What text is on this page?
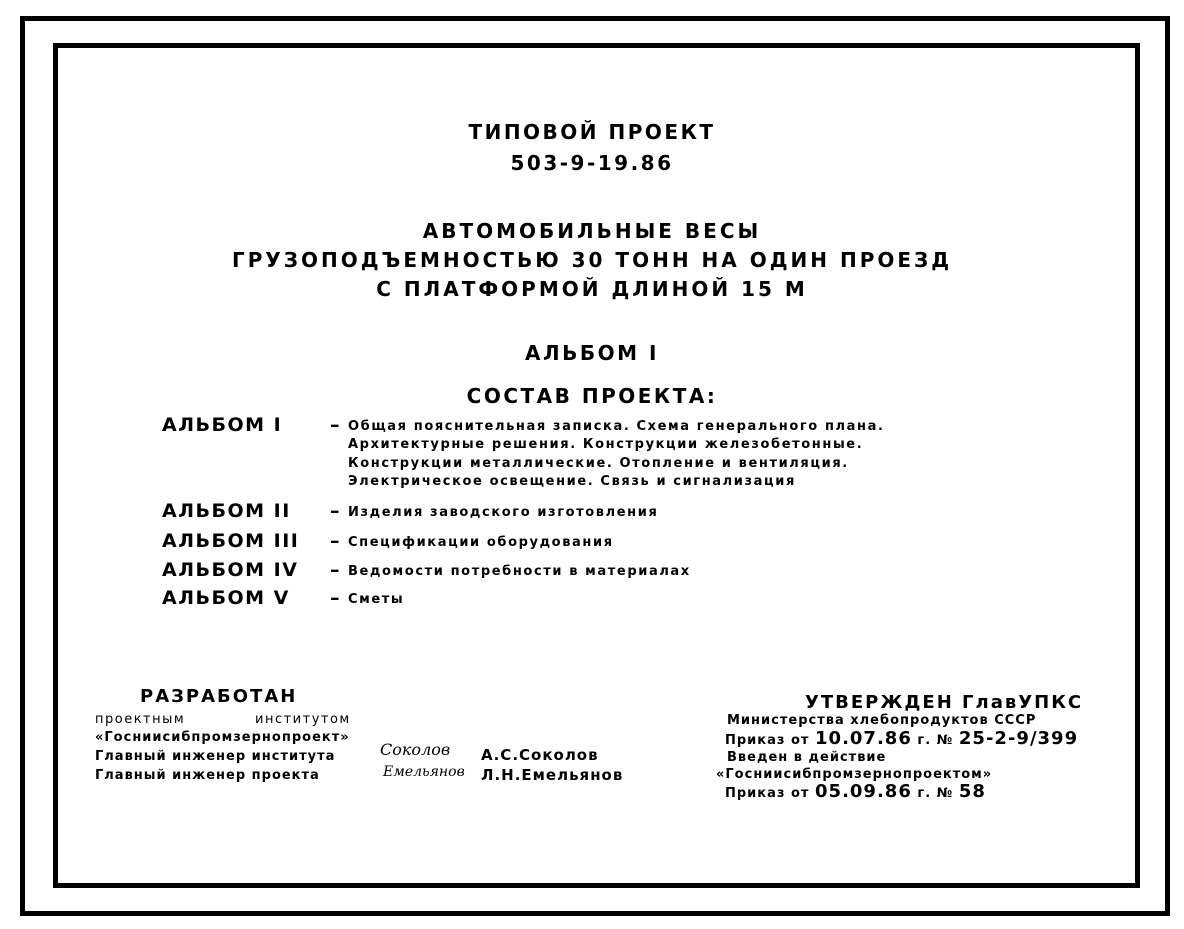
ТИПОВОЙ ПРОЕКТ
503-9-19.86
АВТОМОБИЛЬНЫЕ ВЕСЫ
ГРУЗОПОДЪЕМНОСТЬЮ 30 ТОНН НА ОДИН ПРОЕЗД
С ПЛАТФОРМОЙ ДЛИНОЙ 15 М
АЛЬБОМ I
СОСТАВ ПРОЕКТА:
АЛЬБОМ I	– Общая пояснительная записка. Схема генерального плана.
Архитектурные решения. Конструкции железобетонные.
Конструкции металлические. Отопление и вентиляция.
Электрическое освещение. Связь и сигнализация
АЛЬБОМ II – Изделия заводского изготовления
АЛЬБОМ III – Спецификации оборудования
АЛЬБОМ IV – Ведомости потребности в материалах
АЛЬБОМ V – Сметы
РАЗРАБОТАН
проектным	институтом
«Госниисибпромзернопроект»
Главный инженер института
Главный инженер проекта
Соколов
Емельянов
А.С.Соколов
Л.Н.Емельянов
УТВЕРЖДЕН ГлавУПКС
Министерства хлебопродуктов СССР
Приказ от 10.07.86 г. № 25-2-9/399
Введен в действие
«Госниисибпромзернопроектом»
Приказ от 05.09.86 г. № 58
